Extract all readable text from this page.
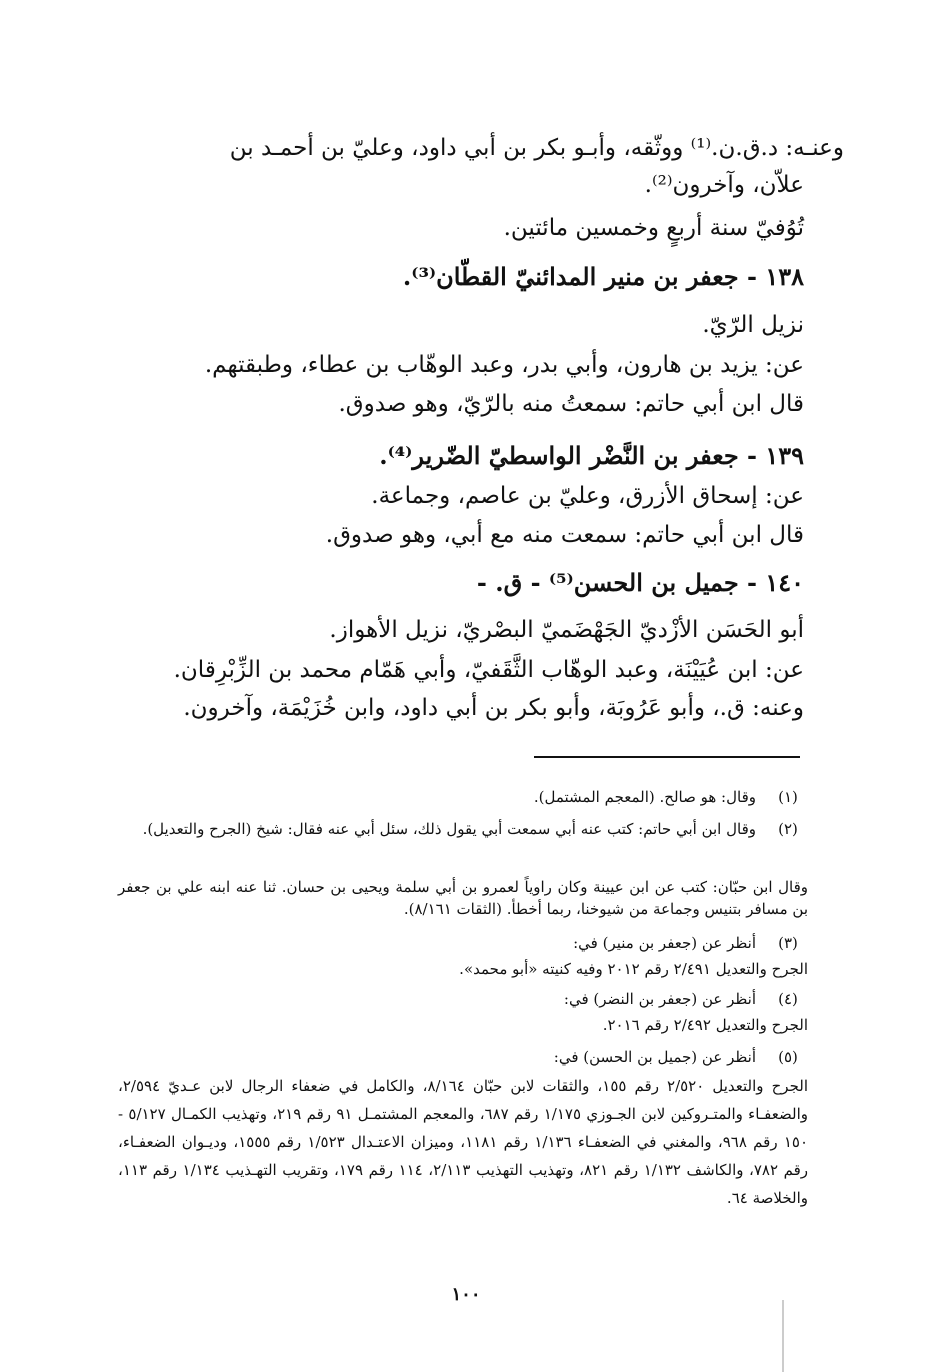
وعنـه: د.ق.ن.⁽¹⁾ ووثّقه، وأبـو بكر بن أبي داود، وعليّ بن أحمـد بن
علاّن، وآخرون⁽²⁾.
تُوُفيّ سنة أربعٍ وخمسين مائتين.
١٣٨ - جعفر بن منير المدائنيّ القطّان⁽³⁾.
نزيل الرّيّ.
عن: يزيد بن هارون، وأبي بدر، وعبد الوهّاب بن عطاء، وطبقتهم.
قال ابن أبي حاتم: سمعتُ منه بالرّيّ، وهو صدوق.
١٣٩ - جعفر بن النَّضْر الواسطيّ الضّرير⁽⁴⁾.
عن: إسحاق الأزرق، وعليّ بن عاصم، وجماعة.
قال ابن أبي حاتم: سمعت منه مع أبي، وهو صدوق.
١٤٠ - جميل بن الحسن⁽⁵⁾ - ق. -
أبو الحَسَن الأزْديّ الجَهْضَميّ البصْريّ، نزيل الأهواز.
عن: ابن عُيَيْنَة، وعبد الوهّاب الثَّقَفيّ، وأبي هَمّام محمد بن الزِّبْرِقان.
وعنه: ق.، وأبو عَرُوبَة، وأبو بكر بن أبي داود، وابن خُزَيْمَة، وآخرون.
(١)
وقال: هو صالح. (المعجم المشتمل).
(٢)
وقال ابن أبي حاتم: كتب عنه أبي سمعت أبي يقول ذلك، سئل أبي عنه فقال: شيخ (الجرح والتعديل).
وقال ابن حبّان: كتب عن ابن عيينة وكان راوياً لعمرو بن أبي سلمة ويحيى بن حسان. ثنا عنه ابنه علي بن جعفر بن مسافر بتنيس وجماعة من شيوخنا، ربما أخطأ. (الثقات ٨/١٦١).
(٣)
أنظر عن (جعفر بن منير) في:
الجرح والتعديل ٢/٤٩١ رقم ٢٠١٢ وفيه كنيته «أبو محمد».
(٤)
أنظر عن (جعفر بن النضر) في:
الجرح والتعديل ٢/٤٩٢ رقم ٢٠١٦.
(٥)
أنظر عن (جميل بن الحسن) في:
الجرح والتعديل ٢/٥٢٠ رقم ١٥٥، والثقات لابن حبّان ٨/١٦٤، والكامل في ضعفاء الرجال لابن عـديّ ٢/٥٩٤، والضعفـاء والمتـروكين لابن الجـوزي ١/١٧٥ رقم ٦٨٧، والمعجم المشتمـل ٩١ رقم ٢١٩، وتهذيب الكمـال ٥/١٢٧ - ١٥٠ رقم ٩٦٨، والمغني في الضعفـاء ١/١٣٦ رقم ١١٨١، وميزان الاعتـدال ١/٥٢٣ رقم ١٥٥٥، وديـوان الضعفـاء، رقم ٧٨٢، والكاشف ١/١٣٢ رقم ٨٢١، وتهذيب التهذيب ٢/١١٣، ١١٤ رقم ١٧٩، وتقريب التهـذيب ١/١٣٤ رقم ١١٣، والخلاصة ٦٤.
١٠٠
